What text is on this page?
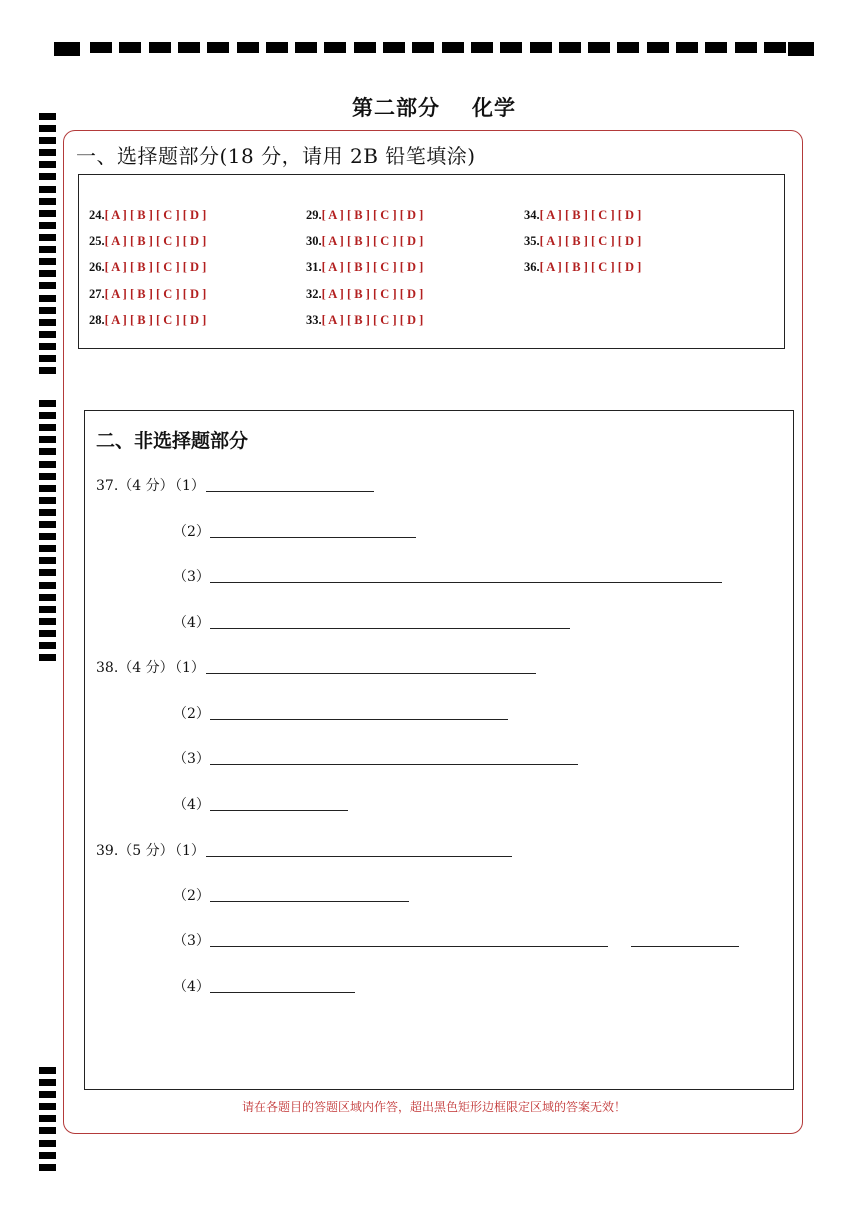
第二部分 化学
一、选择题部分(18 分，请用 2B 铅笔填涂)
24.[ A ] [ B ] [ C ] [ D ]
25.[ A ] [ B ] [ C ] [ D ]
26.[ A ] [ B ] [ C ] [ D ]
27.[ A ] [ B ] [ C ] [ D ]
28.[ A ] [ B ] [ C ] [ D ]
29.[ A ] [ B ] [ C ] [ D ]
30.[ A ] [ B ] [ C ] [ D ]
31.[ A ] [ B ] [ C ] [ D ]
32.[ A ] [ B ] [ C ] [ D ]
33.[ A ] [ B ] [ C ] [ D ]
34.[ A ] [ B ] [ C ] [ D ]
35.[ A ] [ B ] [ C ] [ D ]
36.[ A ] [ B ] [ C ] [ D ]
二、非选择题部分
37.（4 分）
（1）
（2）
（3）
（4）
38.（4 分）
（1）
（2）
（3）
（4）
39.（5 分）
（1）
（2）
（3）
（4）
请在各题目的答题区域内作答，超出黑色矩形边框限定区域的答案无效！
